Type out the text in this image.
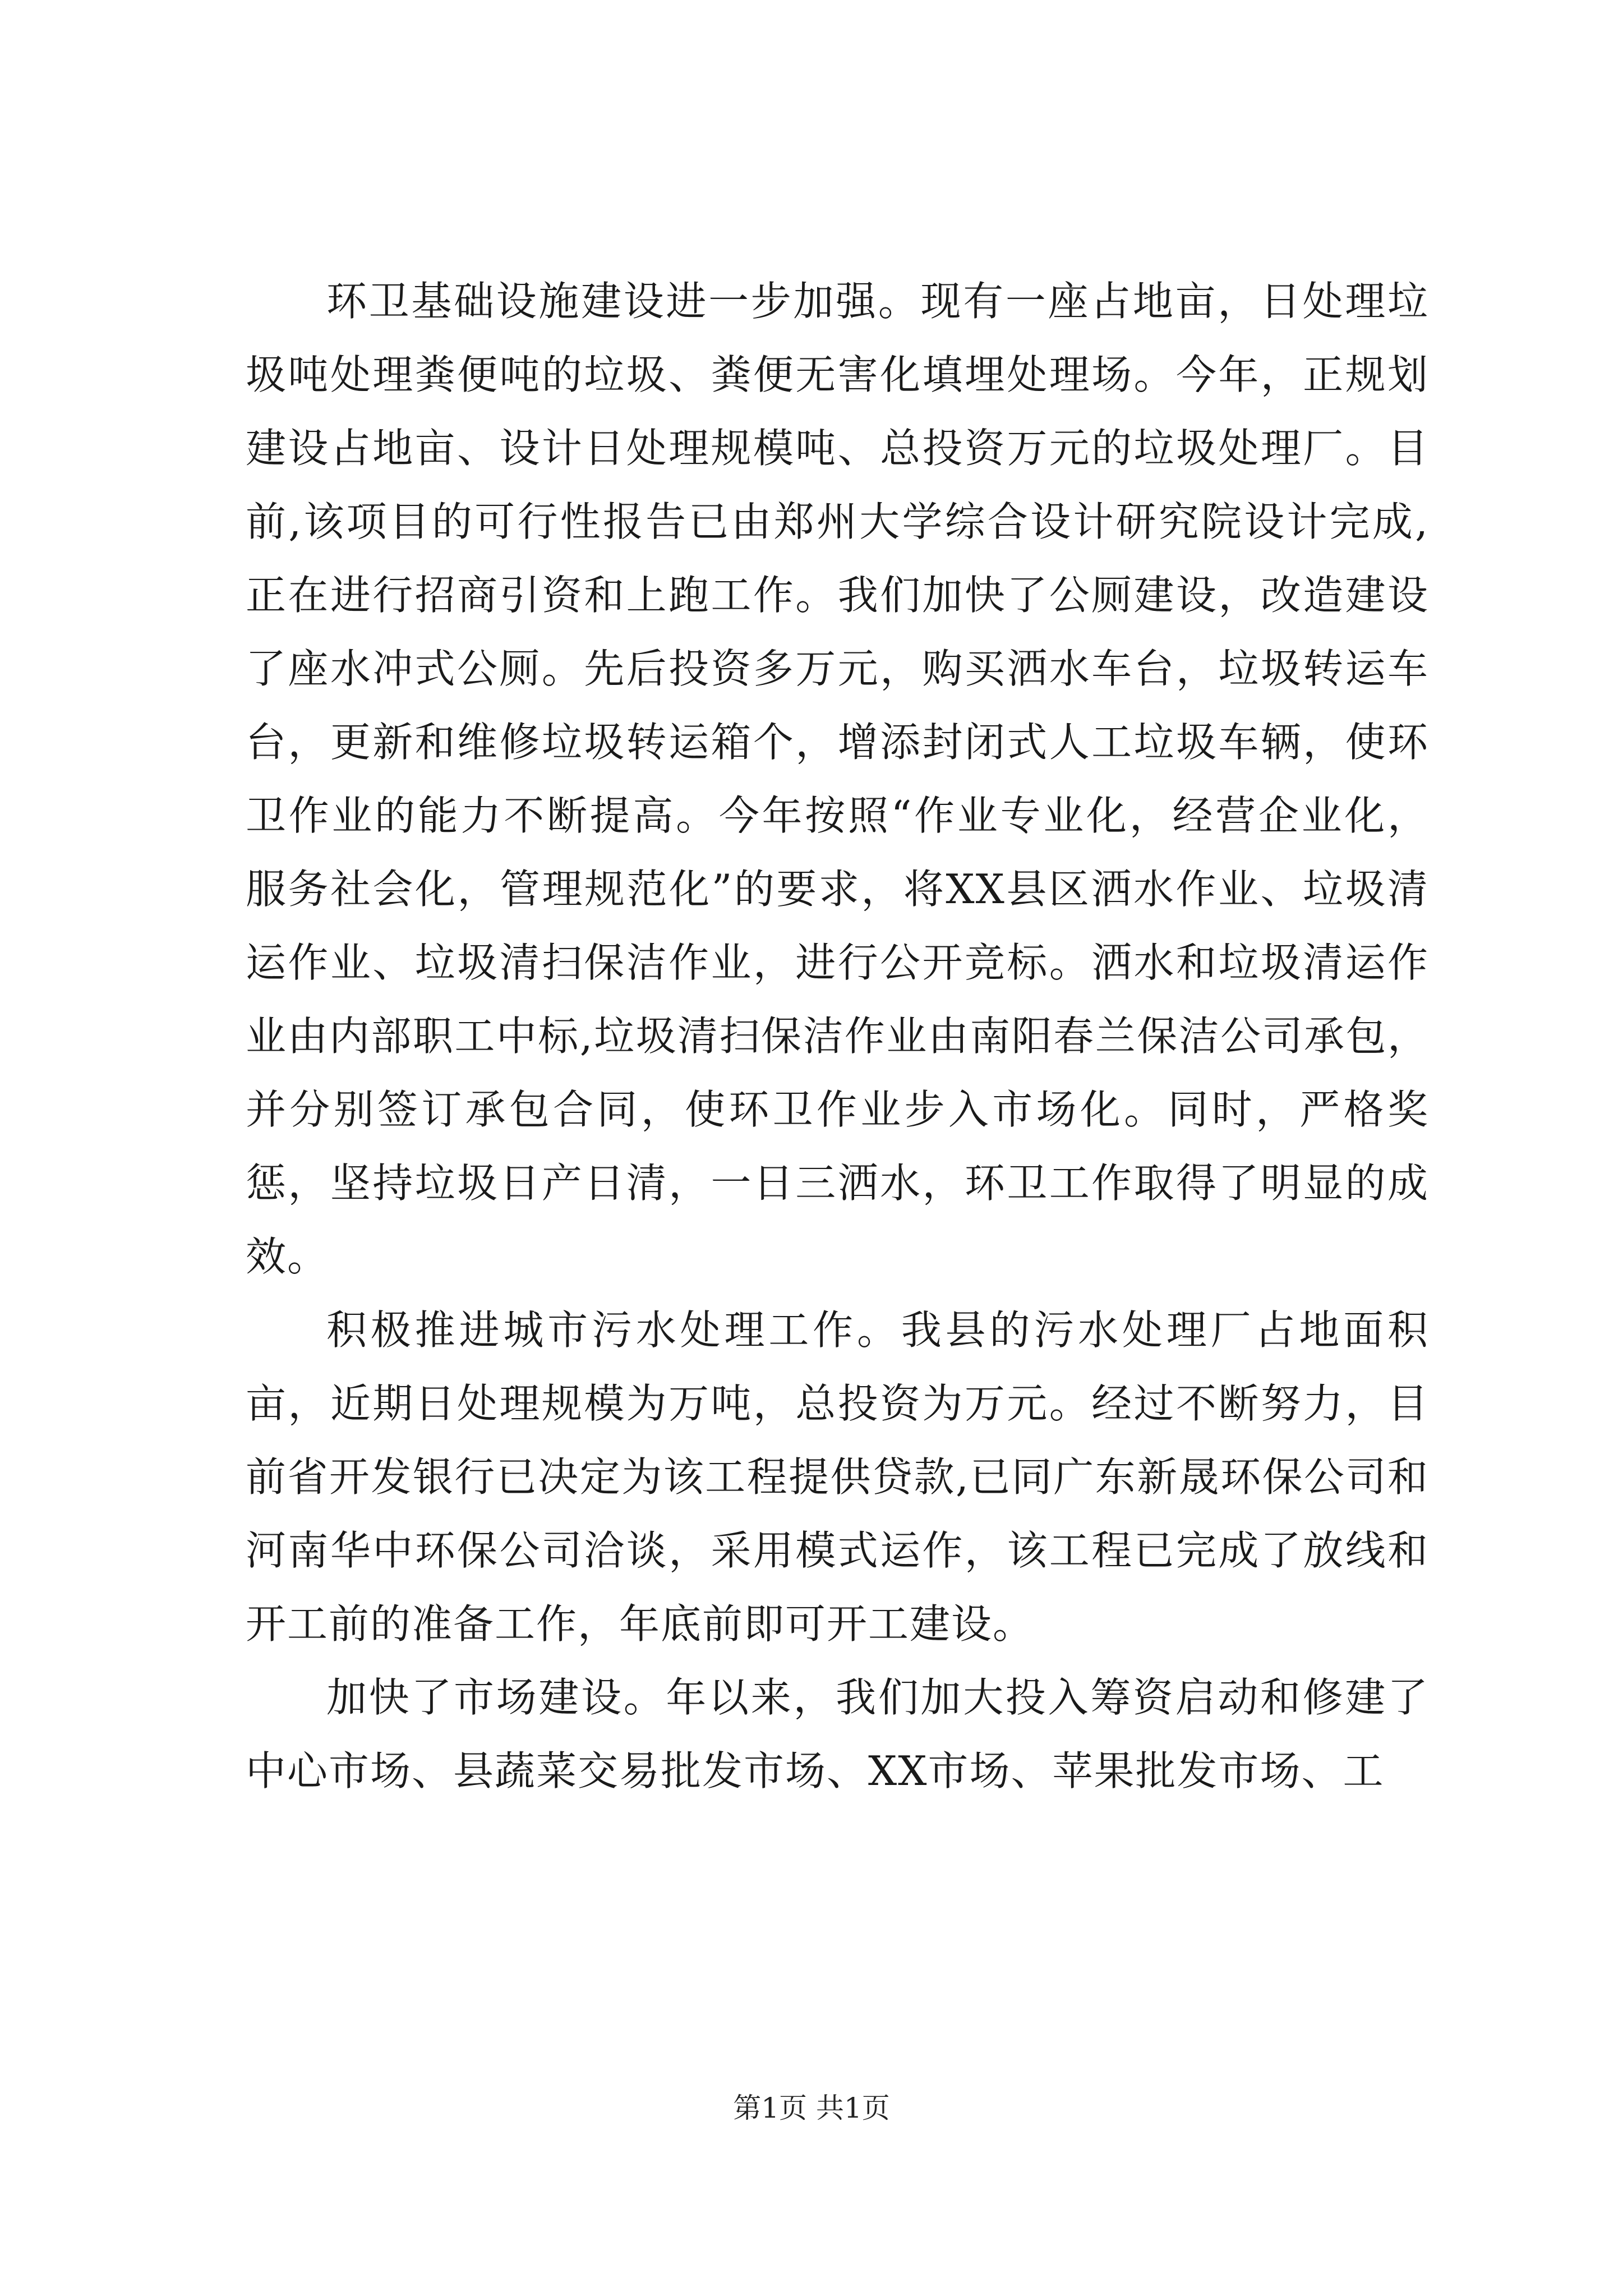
环卫基础设施建设进一步加强。现有一座占地亩，日处理垃圾吨处理粪便吨的垃圾、粪便无害化填埋处理场。今年，正规划建设占地亩、设计日处理规模吨、总投资万元的垃圾处理厂。目前,该项目的可行性报告已由郑州大学综合设计研究院设计完成,正在进行招商引资和上跑工作。我们加快了公厕建设，改造建设了座水冲式公厕。先后投资多万元，购买洒水车台，垃圾转运车台，更新和维修垃圾转运箱个，增添封闭式人工垃圾车辆，使环卫作业的能力不断提高。今年按照“作业专业化，经营企业化，服务社会化，管理规范化”的要求，将XX县区洒水作业、垃圾清运作业、垃圾清扫保洁作业，进行公开竞标。洒水和垃圾清运作业由内部职工中标,垃圾清扫保洁作业由南阳春兰保洁公司承包，并分别签订承包合同，使环卫作业步入市场化。同时，严格奖惩，坚持垃圾日产日清，一日三洒水，环卫工作取得了明显的成效。

积极推进城市污水处理工作。我县的污水处理厂占地面积亩，近期日处理规模为万吨，总投资为万元。经过不断努力，目前省开发银行已决定为该工程提供贷款,已同广东新晟环保公司和河南华中环保公司洽谈，采用模式运作，该工程已完成了放线和开工前的准备工作，年底前即可开工建设。

加快了市场建设。年以来，我们加大投入筹资启动和修建了中心市场、县蔬菜交易批发市场、XX市场、苹果批发市场、工

第1页 共1页
